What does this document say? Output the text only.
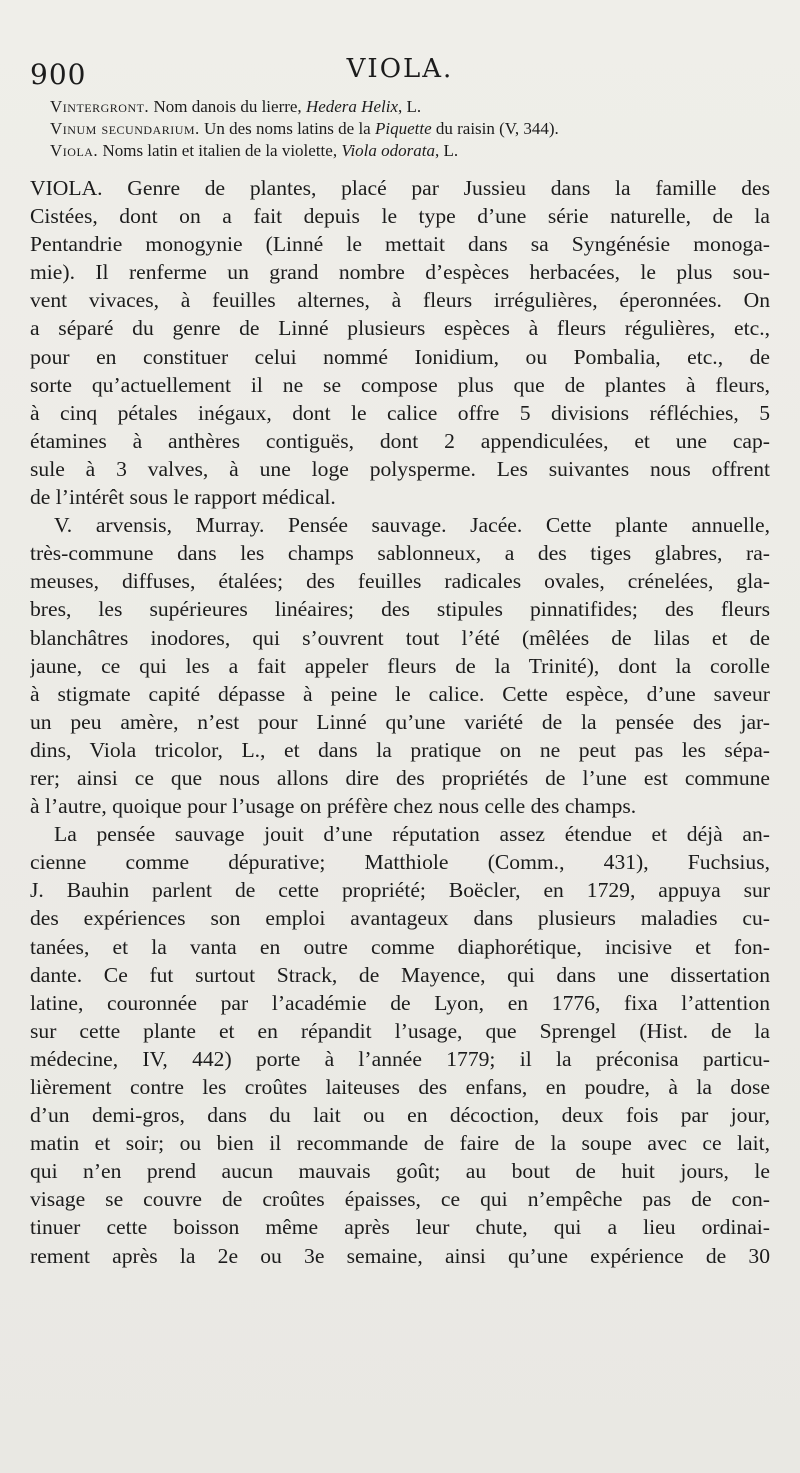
900	VIOLA.

Vintergront. Nom danois du lierre, Hedera Helix, L.

Vinum secundarium. Un des noms latins de la Piquette du raisin (V, 344).

Viola. Noms latin et italien de la violette, Viola odorata, L.

VIOLA. Genre de plantes, placé par Jussieu dans la famille des
Cistées, dont on a fait depuis le type d’une série naturelle, de la
Pentandrie monogynie (Linné le mettait dans sa Syngénésie monoga-
mie). Il renferme un grand nombre d’espèces herbacées, le plus sou-
vent vivaces, à feuilles alternes, à fleurs irrégulières, éperonnées. On
a séparé du genre de Linné plusieurs espèces à fleurs régulières, etc.,
pour en constituer celui nommé Ionidium, ou Pombalia, etc., de
sorte qu’actuellement il ne se compose plus que de plantes à fleurs,
à cinq pétales inégaux, dont le calice offre 5 divisions réfléchies, 5
étamines à anthères contiguës, dont 2 appendiculées, et une cap-
sule à 3 valves, à une loge polysperme. Les suivantes nous offrent
de l’intérêt sous le rapport médical.
V. arvensis, Murray. Pensée sauvage. Jacée. Cette plante annuelle,
très-commune dans les champs sablonneux, a des tiges glabres, ra-
meuses, diffuses, étalées; des feuilles radicales ovales, crénelées, gla-
bres, les supérieures linéaires; des stipules pinnatifides; des fleurs
blanchâtres inodores, qui s’ouvrent tout l’été (mêlées de lilas et de
jaune, ce qui les a fait appeler fleurs de la Trinité), dont la corolle
à stigmate capité dépasse à peine le calice. Cette espèce, d’une saveur
un peu amère, n’est pour Linné qu’une variété de la pensée des jar-
dins, Viola tricolor, L., et dans la pratique on ne peut pas les sépa-
rer; ainsi ce que nous allons dire des propriétés de l’une est commune
à l’autre, quoique pour l’usage on préfère chez nous celle des champs.
La pensée sauvage jouit d’une réputation assez étendue et déjà an-
cienne comme dépurative; Matthiole (Comm., 431), Fuchsius,
J. Bauhin parlent de cette propriété; Boëcler, en 1729, appuya sur
des expériences son emploi avantageux dans plusieurs maladies cu-
tanées, et la vanta en outre comme diaphorétique, incisive et fon-
dante. Ce fut surtout Strack, de Mayence, qui dans une dissertation
latine, couronnée par l’académie de Lyon, en 1776, fixa l’attention
sur cette plante et en répandit l’usage, que Sprengel (Hist. de la
médecine, IV, 442) porte à l’année 1779; il la préconisa particu-
lièrement contre les croûtes laiteuses des enfans, en poudre, à la dose
d’un demi-gros, dans du lait ou en décoction, deux fois par jour,
matin et soir; ou bien il recommande de faire de la soupe avec ce lait,
qui n’en prend aucun mauvais goût; au bout de huit jours, le
visage se couvre de croûtes épaisses, ce qui n’empêche pas de con-
tinuer cette boisson même après leur chute, qui a lieu ordinai-
rement après la 2e ou 3e semaine, ainsi qu’une expérience de 30
